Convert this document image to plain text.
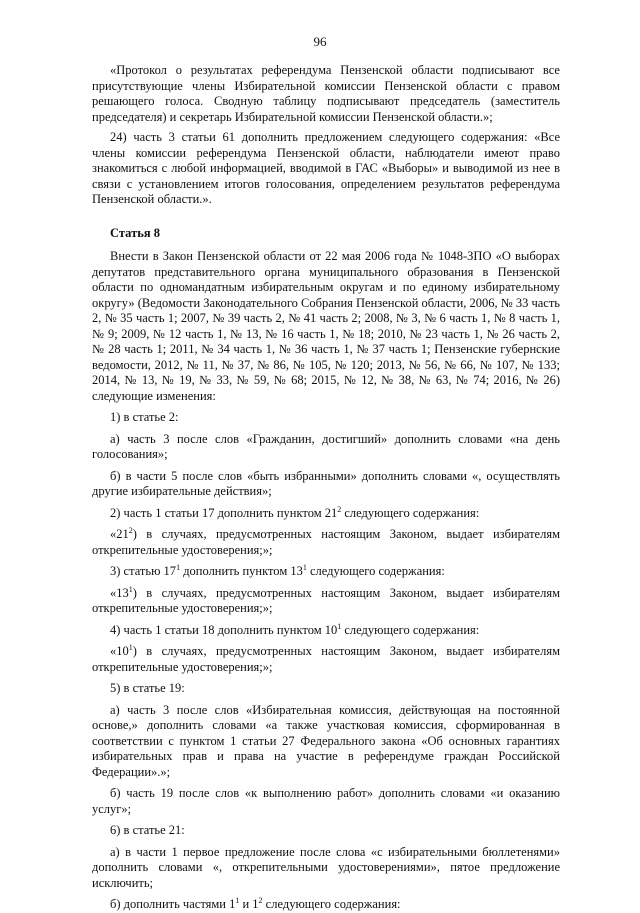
96

«Протокол о результатах референдума Пензенской области подписывают все присутствующие члены Избирательной комиссии Пензенской области с правом решающего голоса. Сводную таблицу подписывают председатель (заместитель председателя) и секретарь Избирательной комиссии Пензенской области.»;

24) часть 3 статьи 61 дополнить предложением следующего содержания: «Все члены комиссии референдума Пензенской области, наблюдатели имеют право знакомиться с любой информацией, вводимой в ГАС «Выборы» и выводимой из нее в связи с установлением итогов голосования, определением результатов референдума Пензенской области.».

Статья 8

Внести в Закон Пензенской области от 22 мая 2006 года № 1048-ЗПО «О выборах депутатов представительного органа муниципального образования в Пензенской области по одномандатным избирательным округам и по единому избирательному округу» (Ведомости Законодательного Собрания Пензенской области, 2006, № 33 часть 2, № 35 часть 1; 2007, № 39 часть 2, № 41 часть 2; 2008, № 3, № 6 часть 1, № 8 часть 1, № 9; 2009, № 12 часть 1, № 13, № 16 часть 1, № 18; 2010, № 23 часть 1, № 26 часть 2, № 28 часть 1; 2011, № 34 часть 1, № 36 часть 1, № 37 часть 1; Пензенские губернские ведомости, 2012, № 11, № 37, № 86, № 105, № 120; 2013, № 56, № 66, № 107, № 133; 2014, № 13, № 19, № 33, № 59, № 68; 2015, № 12, № 38, № 63, № 74; 2016, № 26) следующие изменения:

1) в статье 2:

а) часть 3 после слов «Гражданин, достигший» дополнить словами «на день голосования»;

б) в части 5 после слов «быть избранными» дополнить словами «, осуществлять другие избирательные действия»;

2) часть 1 статьи 17 дополнить пунктом $21^2$ следующего содержания:

«$21^2$) в случаях, предусмотренных настоящим Законом, выдает избирателям открепительные удостоверения;»;

3) статью $17^1$ дополнить пунктом $13^1$ следующего содержания:

«$13^1$) в случаях, предусмотренных настоящим Законом, выдает избирателям открепительные удостоверения;»;

4) часть 1 статьи 18 дополнить пунктом $10^1$ следующего содержания:

«$10^1$) в случаях, предусмотренных настоящим Законом, выдает избирателям открепительные удостоверения;»;

5) в статье 19:

а) часть 3 после слов «Избирательная комиссия, действующая на постоянной основе,» дополнить словами «а также участковая комиссия, сформированная в соответствии с пунктом 1 статьи 27 Федерального закона «Об основных гарантиях избирательных прав и права на участие в референдуме граждан Российской Федерации».»;

б) часть 19 после слов «к выполнению работ» дополнить словами «и оказанию услуг»;

6) в статье 21:

а) в части 1 первое предложение после слова «с избирательными бюллетенями» дополнить словами «, открепительными удостоверениями», пятое предложение исключить;

б) дополнить частями $1^1$ и $1^2$ следующего содержания:
